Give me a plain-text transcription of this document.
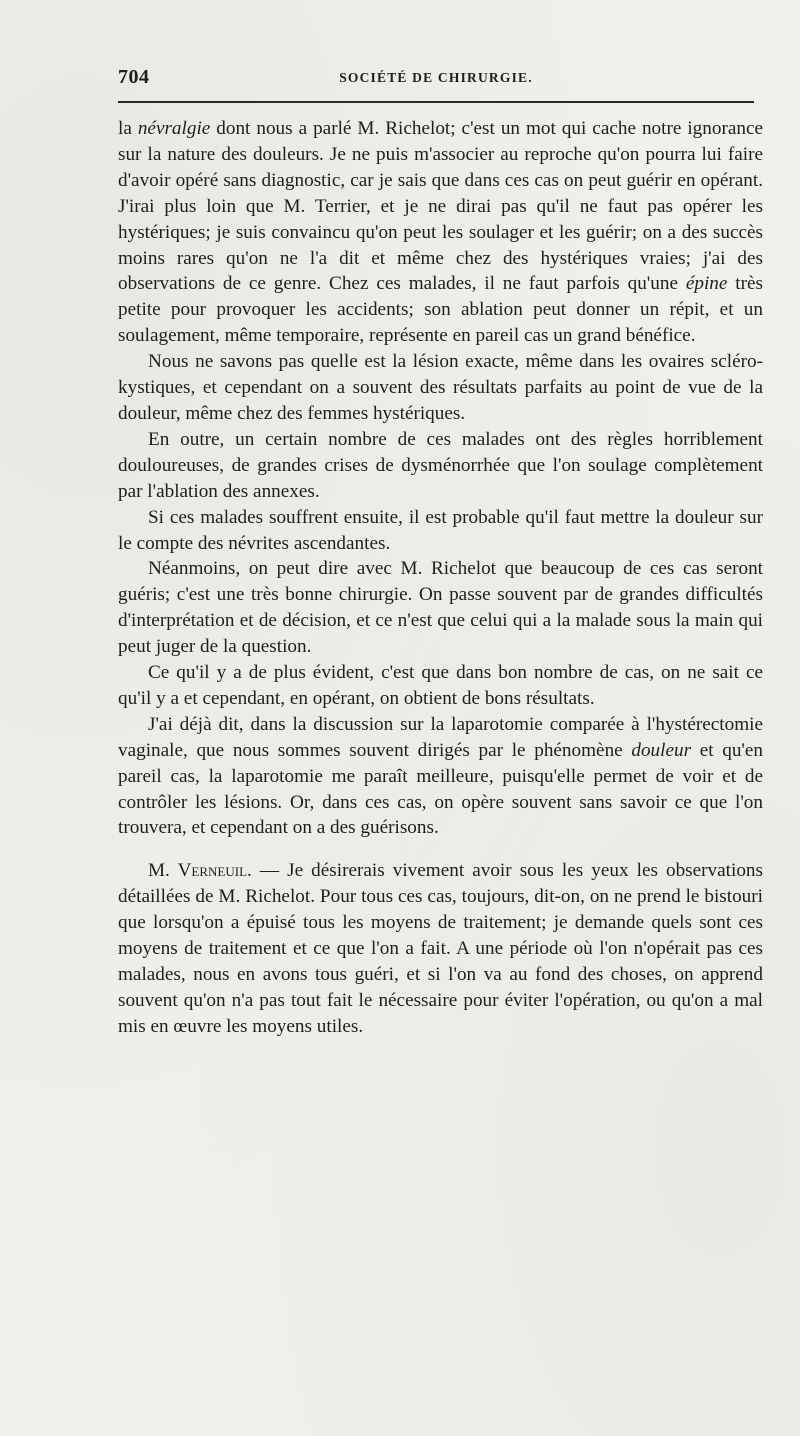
704	SOCIÉTÉ DE CHIRURGIE.

la névralgie dont nous a parlé M. Richelot; c'est un mot qui cache notre ignorance sur la nature des douleurs. Je ne puis m'associer au reproche qu'on pourra lui faire d'avoir opéré sans diagnostic, car je sais que dans ces cas on peut guérir en opérant. J'irai plus loin que M. Terrier, et je ne dirai pas qu'il ne faut pas opérer les hystériques; je suis convaincu qu'on peut les soulager et les guérir; on a des succès moins rares qu'on ne l'a dit et même chez des hystériques vraies; j'ai des observations de ce genre. Chez ces malades, il ne faut parfois qu'une épine très petite pour provoquer les accidents; son ablation peut donner un répit, et un soulagement, même temporaire, représente en pareil cas un grand bénéfice.

Nous ne savons pas quelle est la lésion exacte, même dans les ovaires scléro-kystiques, et cependant on a souvent des résultats parfaits au point de vue de la douleur, même chez des femmes hystériques.

En outre, un certain nombre de ces malades ont des règles horriblement douloureuses, de grandes crises de dysménorrhée que l'on soulage complètement par l'ablation des annexes.

Si ces malades souffrent ensuite, il est probable qu'il faut mettre la douleur sur le compte des névrites ascendantes.

Néanmoins, on peut dire avec M. Richelot que beaucoup de ces cas seront guéris; c'est une très bonne chirurgie. On passe souvent par de grandes difficultés d'interprétation et de décision, et ce n'est que celui qui a la malade sous la main qui peut juger de la question.

Ce qu'il y a de plus évident, c'est que dans bon nombre de cas, on ne sait ce qu'il y a et cependant, en opérant, on obtient de bons résultats.

J'ai déjà dit, dans la discussion sur la laparotomie comparée à l'hystérectomie vaginale, que nous sommes souvent dirigés par le phénomène douleur et qu'en pareil cas, la laparotomie me paraît meilleure, puisqu'elle permet de voir et de contrôler les lésions. Or, dans ces cas, on opère souvent sans savoir ce que l'on trouvera, et cependant on a des guérisons.

M. Verneuil. — Je désirerais vivement avoir sous les yeux les observations détaillées de M. Richelot. Pour tous ces cas, toujours, dit-on, on ne prend le bistouri que lorsqu'on a épuisé tous les moyens de traitement; je demande quels sont ces moyens de traitement et ce que l'on a fait. A une période où l'on n'opérait pas ces malades, nous en avons tous guéri, et si l'on va au fond des choses, on apprend souvent qu'on n'a pas tout fait le nécessaire pour éviter l'opération, ou qu'on a mal mis en œuvre les moyens utiles.
